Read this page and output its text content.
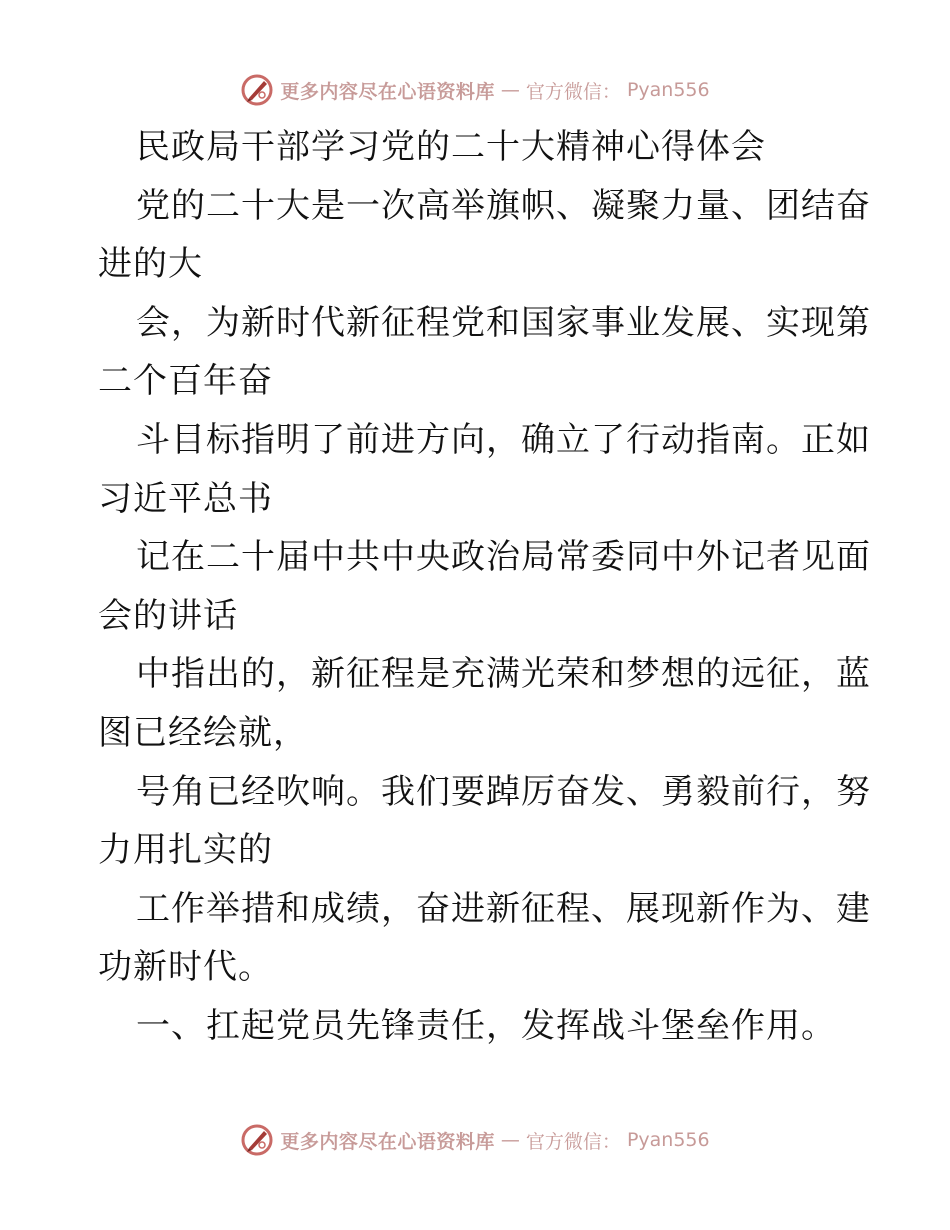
更多内容尽在心语资料库 — 官方微信： Pyan556
民政局干部学习党的二十大精神心得体会
党的二十大是一次高举旗帜、凝聚力量、团结奋
进的大
会，为新时代新征程党和国家事业发展、实现第
二个百年奋
斗目标指明了前进方向，确立了行动指南。正如
习近平总书
记在二十届中共中央政治局常委同中外记者见面
会的讲话
中指出的，新征程是充满光荣和梦想的远征，蓝
图已经绘就，
号角已经吹响。我们要踔厉奋发、勇毅前行，努
力用扎实的
工作举措和成绩，奋进新征程、展现新作为、建
功新时代。
一、扛起党员先锋责任，发挥战斗堡垒作用。
更多内容尽在心语资料库 — 官方微信： Pyan556
